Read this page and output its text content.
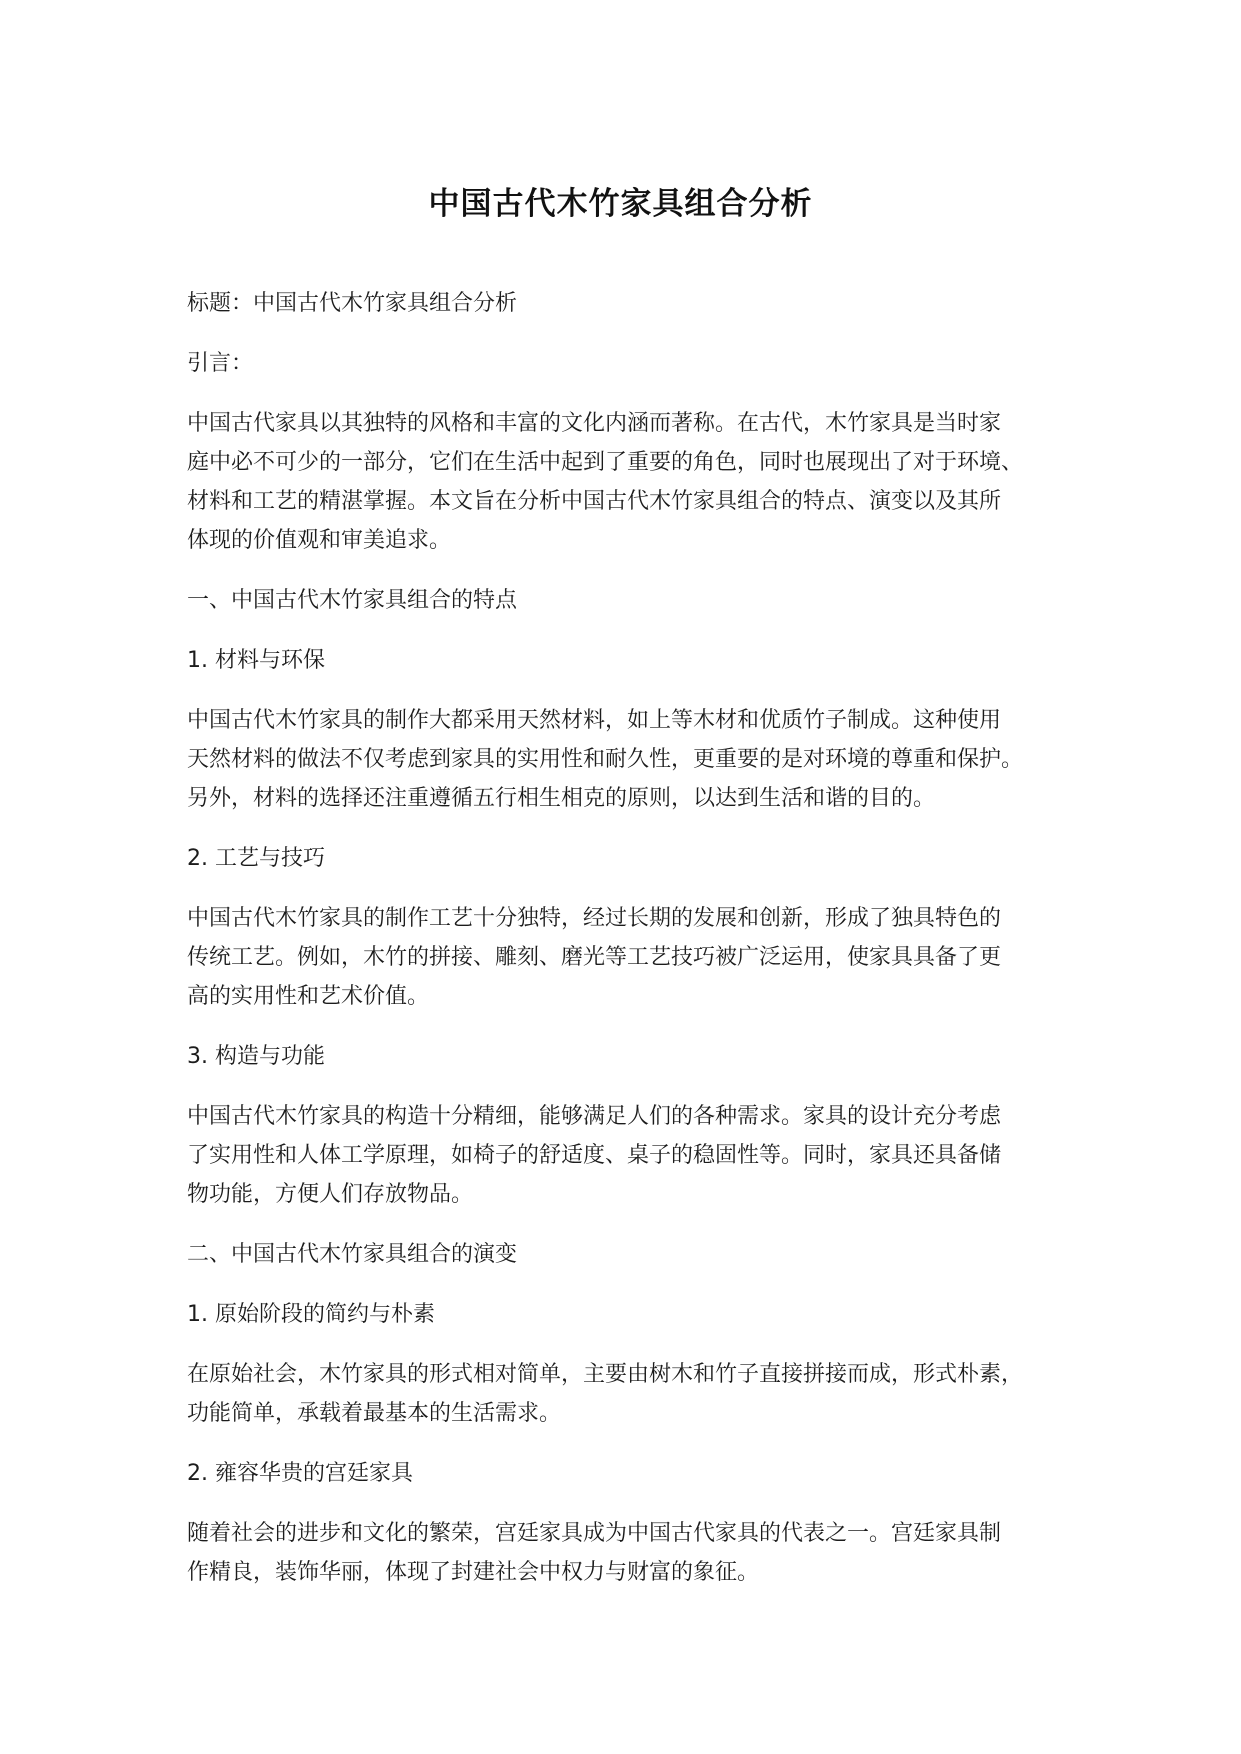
中国古代木竹家具组合分析

标题：中国古代木竹家具组合分析

引言：

中国古代家具以其独特的风格和丰富的文化内涵而著称。在古代，木竹家具是当时家
庭中必不可少的一部分，它们在生活中起到了重要的角色，同时也展现出了对于环境、
材料和工艺的精湛掌握。本文旨在分析中国古代木竹家具组合的特点、演变以及其所
体现的价值观和审美追求。

一、中国古代木竹家具组合的特点

1. 材料与环保

中国古代木竹家具的制作大都采用天然材料，如上等木材和优质竹子制成。这种使用
天然材料的做法不仅考虑到家具的实用性和耐久性，更重要的是对环境的尊重和保护。
另外，材料的选择还注重遵循五行相生相克的原则，以达到生活和谐的目的。

2. 工艺与技巧

中国古代木竹家具的制作工艺十分独特，经过长期的发展和创新，形成了独具特色的
传统工艺。例如，木竹的拼接、雕刻、磨光等工艺技巧被广泛运用，使家具具备了更
高的实用性和艺术价值。

3. 构造与功能

中国古代木竹家具的构造十分精细，能够满足人们的各种需求。家具的设计充分考虑
了实用性和人体工学原理，如椅子的舒适度、桌子的稳固性等。同时，家具还具备储
物功能，方便人们存放物品。

二、中国古代木竹家具组合的演变

1. 原始阶段的简约与朴素

在原始社会，木竹家具的形式相对简单，主要由树木和竹子直接拼接而成，形式朴素，
功能简单，承载着最基本的生活需求。

2. 雍容华贵的宫廷家具

随着社会的进步和文化的繁荣，宫廷家具成为中国古代家具的代表之一。宫廷家具制
作精良，装饰华丽，体现了封建社会中权力与财富的象征。
